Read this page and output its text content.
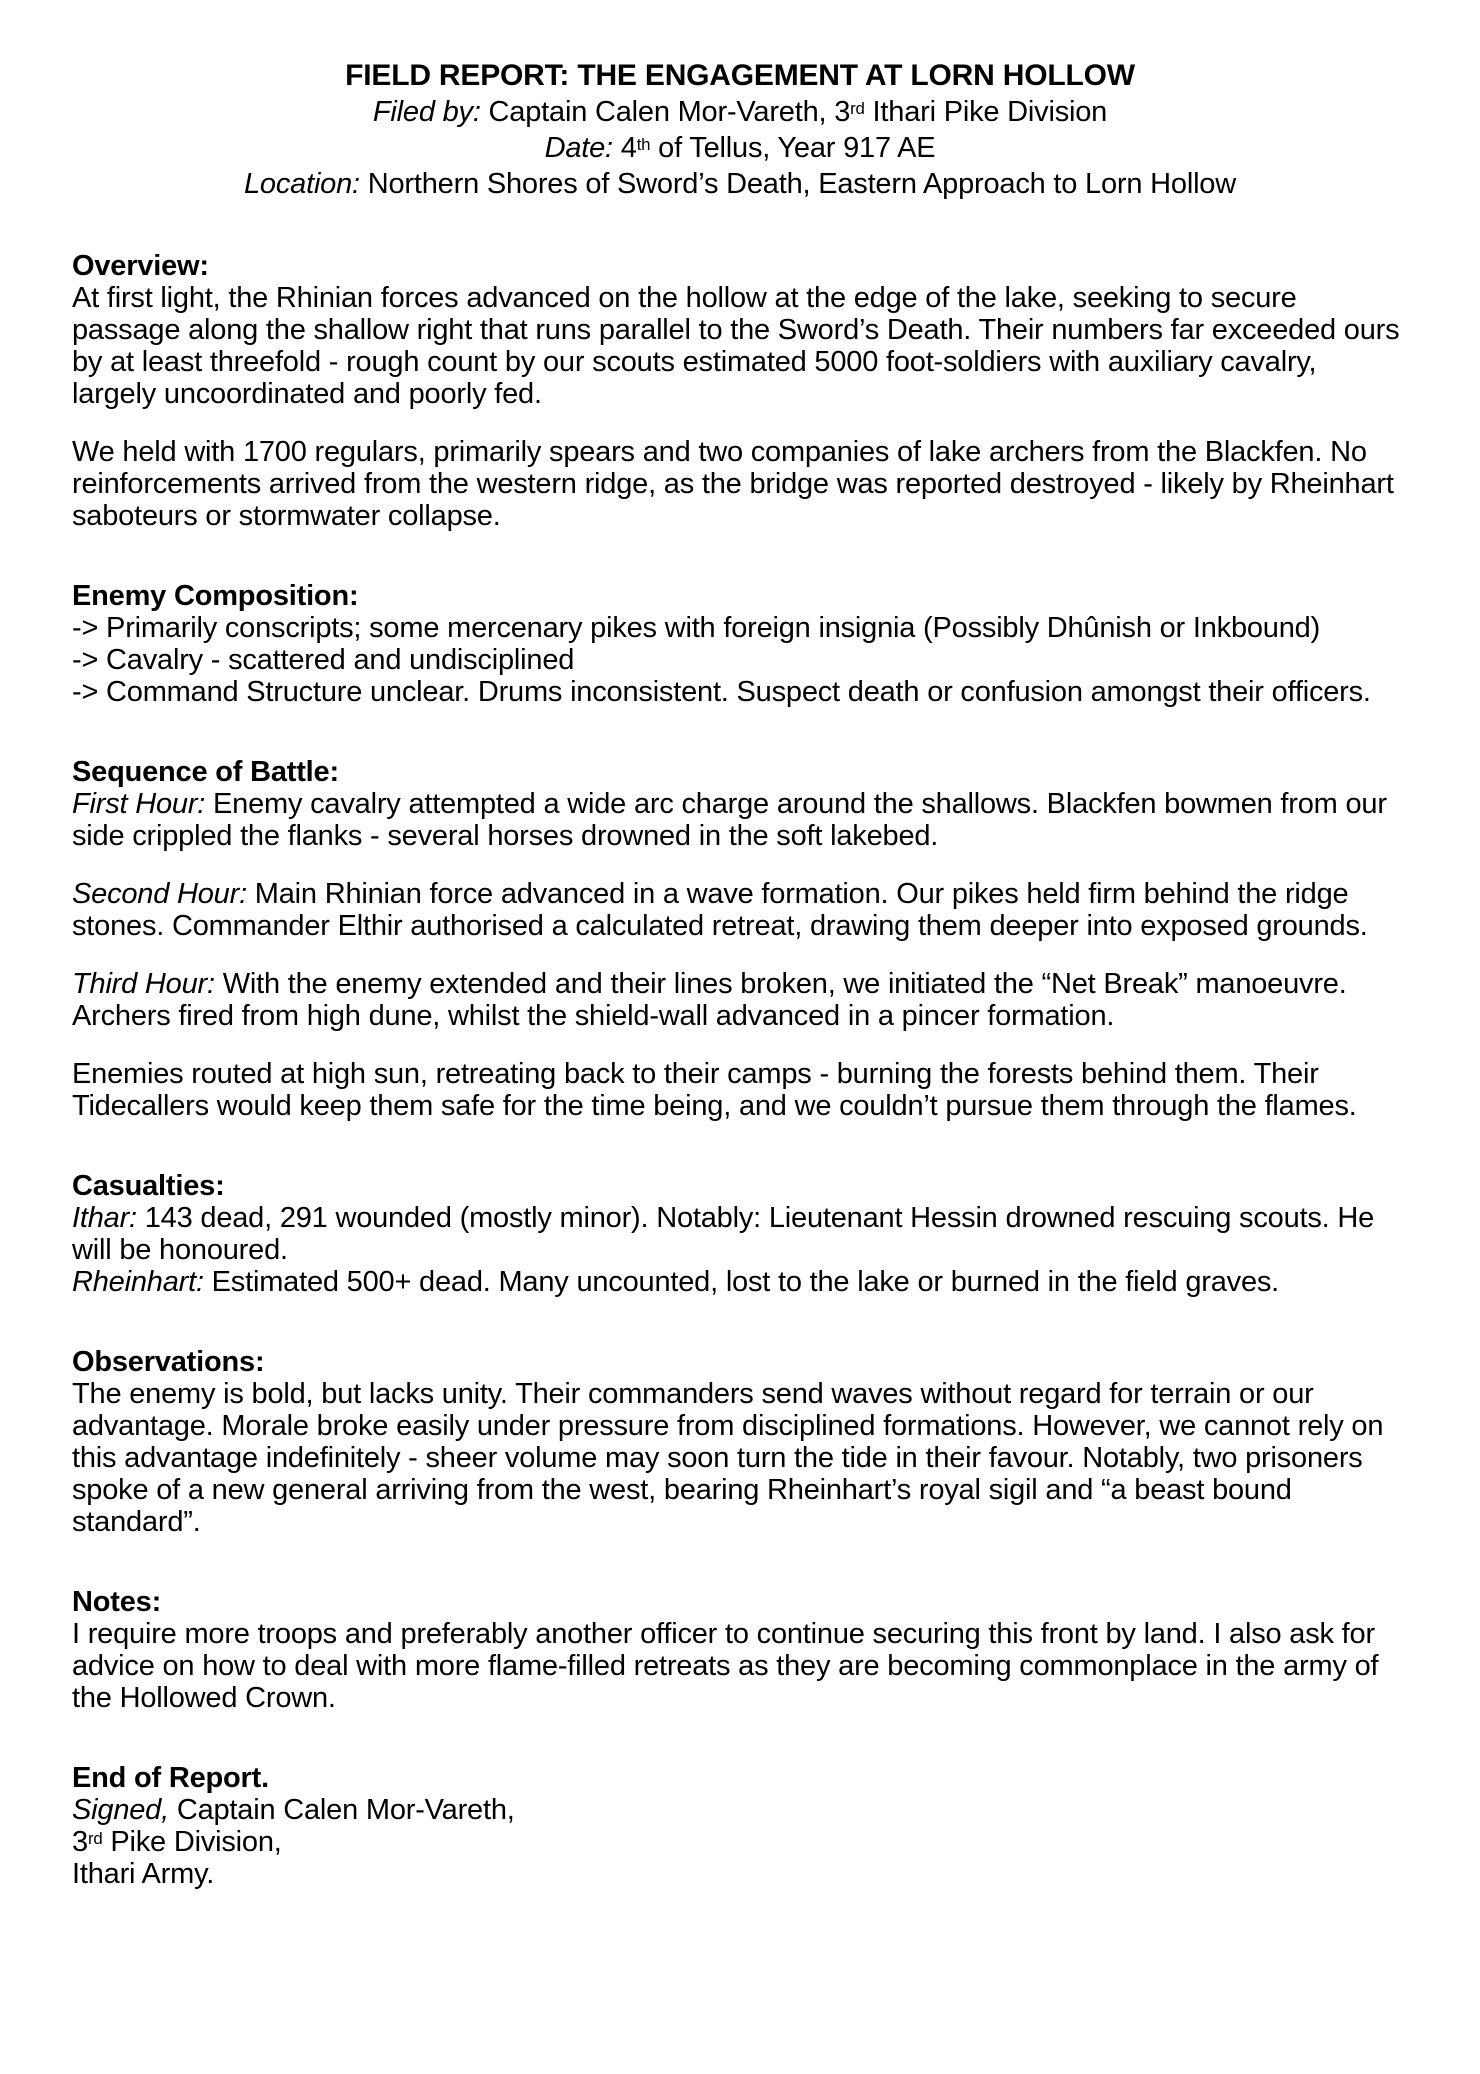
FIELD REPORT: THE ENGAGEMENT AT LORN HOLLOW
Filed by: Captain Calen Mor-Vareth, 3rd Ithari Pike Division
Date: 4th of Tellus, Year 917 AE
Location: Northern Shores of Sword’s Death, Eastern Approach to Lorn Hollow
Overview:

At first light, the Rhinian forces advanced on the hollow at the edge of the lake, seeking to secure passage along the shallow right that runs parallel to the Sword’s Death. Their numbers far exceeded ours by at least threefold - rough count by our scouts estimated 5000 foot-soldiers with auxiliary cavalry, largely uncoordinated and poorly fed.

We held with 1700 regulars, primarily spears and two companies of lake archers from the Blackfen. No reinforcements arrived from the western ridge, as the bridge was reported destroyed - likely by Rheinhart saboteurs or stormwater collapse.

Enemy Composition:

-> Primarily conscripts; some mercenary pikes with foreign insignia (Possibly Dhûnish or Inkbound)

-> Cavalry - scattered and undisciplined

-> Command Structure unclear. Drums inconsistent. Suspect death or confusion amongst their officers.

Sequence of Battle:

First Hour: Enemy cavalry attempted a wide arc charge around the shallows. Blackfen bowmen from our side crippled the flanks - several horses drowned in the soft lakebed.

Second Hour: Main Rhinian force advanced in a wave formation. Our pikes held firm behind the ridge stones. Commander Elthir authorised a calculated retreat, drawing them deeper into exposed grounds.

Third Hour: With the enemy extended and their lines broken, we initiated the “Net Break” manoeuvre. Archers fired from high dune, whilst the shield-wall advanced in a pincer formation.

Enemies routed at high sun, retreating back to their camps - burning the forests behind them. Their Tidecallers would keep them safe for the time being, and we couldn’t pursue them through the flames.

Casualties:

Ithar: 143 dead, 291 wounded (mostly minor). Notably: Lieutenant Hessin drowned rescuing scouts. He will be honoured.

Rheinhart: Estimated 500+ dead. Many uncounted, lost to the lake or burned in the field graves.

Observations:

The enemy is bold, but lacks unity. Their commanders send waves without regard for terrain or our advantage. Morale broke easily under pressure from disciplined formations. However, we cannot rely on this advantage indefinitely - sheer volume may soon turn the tide in their favour. Notably, two prisoners spoke of a new general arriving from the west, bearing Rheinhart’s royal sigil and “a beast bound standard”.

Notes:

I require more troops and preferably another officer to continue securing this front by land. I also ask for advice on how to deal with more flame-filled retreats as they are becoming commonplace in the army of the Hollowed Crown.

End of Report.

Signed, Captain Calen Mor-Vareth,

3rd Pike Division,

Ithari Army.
